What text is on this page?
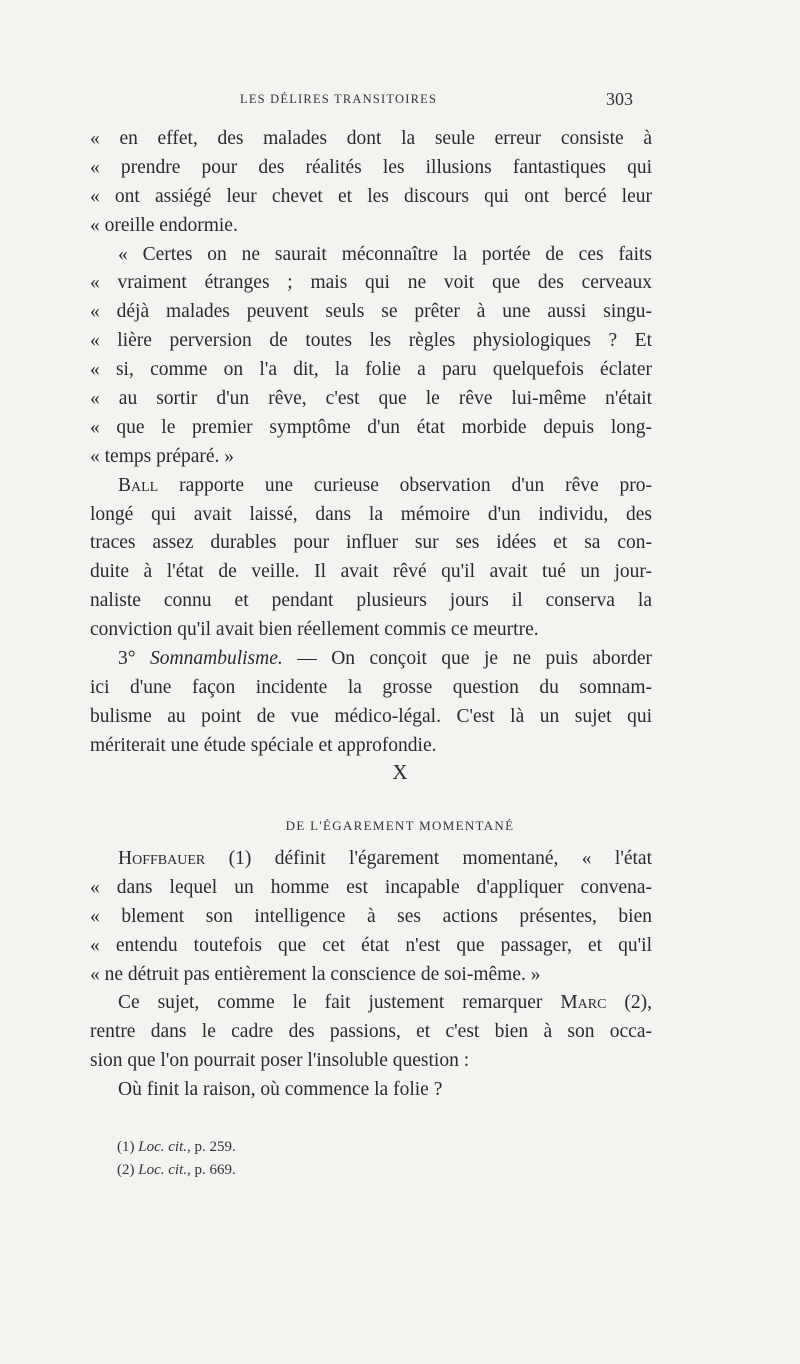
LES DÉLIRES TRANSITOIRES	303
« en effet, des malades dont la seule erreur consiste à
« prendre pour des réalités les illusions fantastiques qui
« ont assiégé leur chevet et les discours qui ont bercé leur
« oreille endormie.
« Certes on ne saurait méconnaître la portée de ces faits
« vraiment étranges ; mais qui ne voit que des cerveaux
« déjà malades peuvent seuls se prêter à une aussi singu-
« lière perversion de toutes les règles physiologiques ? Et
« si, comme on l'a dit, la folie a paru quelquefois éclater
« au sortir d'un rêve, c'est que le rêve lui-même n'était
« que le premier symptôme d'un état morbide depuis long-
« temps préparé. »
Ball rapporte une curieuse observation d'un rêve pro-
longé qui avait laissé, dans la mémoire d'un individu, des
traces assez durables pour influer sur ses idées et sa con-
duite à l'état de veille. Il avait rêvé qu'il avait tué un jour-
naliste connu et pendant plusieurs jours il conserva la
conviction qu'il avait bien réellement commis ce meurtre.
3° Somnambulisme. — On conçoit que je ne puis aborder
ici d'une façon incidente la grosse question du somnam-
bulisme au point de vue médico-légal. C'est là un sujet qui
mériterait une étude spéciale et approfondie.
X
DE L'ÉGAREMENT MOMENTANÉ
Hoffbauer (1) définit l'égarement momentané, « l'état
« dans lequel un homme est incapable d'appliquer convena-
« blement son intelligence à ses actions présentes, bien
« entendu toutefois que cet état n'est que passager, et qu'il
« ne détruit pas entièrement la conscience de soi-même. »
Ce sujet, comme le fait justement remarquer Marc (2),
rentre dans le cadre des passions, et c'est bien à son occa-
sion que l'on pourrait poser l'insoluble question :
Où finit la raison, où commence la folie ?
(1) Loc. cit., p. 259.
(2) Loc. cit., p. 669.
